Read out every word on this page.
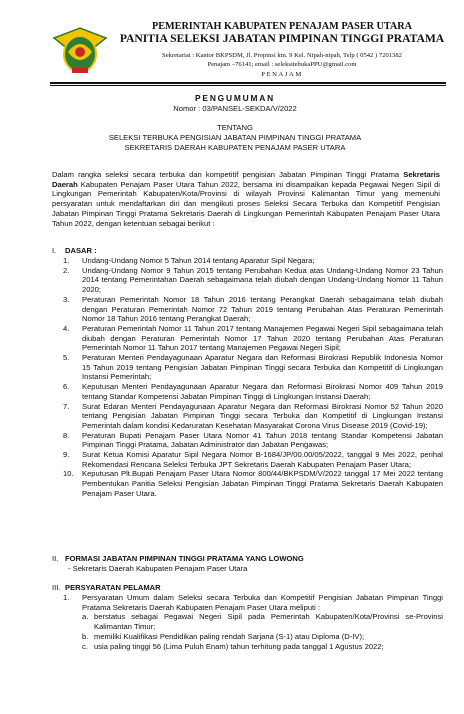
PEMERINTAH KABUPATEN PENAJAM PASER UTARA
PANITIA SELEKSI JABATAN PIMPINAN TINGGI PRATAMA
Sekretariat : Kantor BKPSDM, Jl. Propinsi km. 9 Kel. Nipah-nipah, Telp ( 0542 ) 7201382
Penajam –76141; email : seleksitebukaPPU@gmail.com
PENAJAM
PENGUMUMAN
Nomor : 03/PANSEL-SEKDA/V/2022
TENTANG
SELEKSI TERBUKA PENGISIAN JABATAN PIMPINAN TINGGI PRATAMA
SEKRETARIS DAERAH KABUPATEN PENAJAM PASER UTARA

Dalam rangka seleksi secara terbuka dan kompetitif pengisian Jabatan Pimpinan Tinggi Pratama Sekretaris Daerah Kabupaten Penajam Paser Utara Tahun 2022, bersama ini disampaikan kepada Pegawai Negeri Sipil di Lingkungan Pemerintah Kabupaten/Kota/Provinsi di wilayah Provinsi Kalimantan Timur yang memenuhi persyaratan untuk mendaftarkan diri dan mengikuti proses Seleksi Secara Terbuka dan Kompetitif Pengisian Jabatan Pimpinan Tinggi Pratama Sekretaris Daerah di Lingkungan Pemerintah Kabupaten Penajam Paser Utara Tahun 2022, dengan ketentuan sebagai berikut :

I. DASAR :
1. Undang-Undang Nomor 5 Tahun 2014 tentang Aparatur Sipil Negara;
2. Undang-Undang Nomor 9 Tahun 2015 tentang Perubahan Kedua atas Undang-Undang Nomor 23 Tahun 2014 tentang Pemerintahan Daerah sebagaimana telah diubah dengan Undang-Undang Nomor 11 Tahun 2020;
3. Peraturan Pemerintah Nomor 18 Tahun 2016 tentang Perangkat Daerah sebagaimana telah diubah dengan Peraturan Pemerintah Nomor 72 Tahun 2019 tentang Perubahan Atas Peraturan Pemerintah Nomor 18 Tahun 2016 tentang Perangkat Daerah;
4. Peraturan Pemerintah Nomor 11 Tahun 2017 tentang Manajemen Pegawai Negeri Sipil sebagaimana telah diubah dengan Peraturan Pemerintah Nomor 17 Tahun 2020 tentang Perubahan Atas Peraturan Pemerintah Nomor 11 Tahun 2017 tentang Manajemen Pegawai Negeri Sipil;
5. Peraturan Menteri Pendayagunaan Aparatur Negara dan Reformasi Birokrasi Republik Indonesia Nomor 15 Tahun 2019 tentang Pengisian Jabatan Pimpinan Tinggi secara Terbuka dan Kompetitif di Lingkungan Instansi Pemerintah;
6. Keputusan Menteri Pendayagunaan Aparatur Negara dan Reformasi Birokrasi Nomor 409 Tahun 2019 tentang Standar Kompetensi Jabatan Pimpinan Tinggi di Lingkungan Instansi Daerah;
7. Surat Edaran Menteri Pendayagunaan Aparatur Negara dan Reformasi Birokrasi Nomor 52 Tahun 2020 tentang Pengisian Jabatan Pimpinan Tinggi secara Terbuka dan Kompetitif di Lingkungan Instansi Pemerintah dalam kondisi Kedaruratan Kesehatan Masyarakat Corona Virus Disease 2019 (Covid-19);
8. Peraturan Bupati Penajam Paser Utara Nomor 41 Tahun 2018 tentang Standar Kompetensi Jabatan Pimpinan Tinggi Pratama, Jabatan Administrator dan Jabatan Pengawas;
9. Surat Ketua Komisi Aparatur Sipil Negara Nomor B-1684/JP/00.00/05/2022, tanggal 9 Mei 2022, perihal Rekomendasi Rencana Seleksi Terbuka JPT Sekretaris Daerah Kabupaten Penajam Paser Utara;
10. Keputusan Plt.Bupati Penajam Paser Utara Nomor 800/44/BKPSDM/V/2022 tanggal 17 Mei 2022 tentang Pembentukan Panitia Seleksi Pengisian Jabatan Pimpinan Tinggi Pratama Sekretaris Daerah Kabupaten Penajam Paser Utara.
II. FORMASI JABATAN PIMPINAN TINGGI PRATAMA YANG LOWONG
- Sekretaris Daerah Kabupaten Penajam Paser Utara
III. PERSYARATAN PELAMAR
1. Persyaratan Umum dalam Seleksi secara Terbuka dan Kompetitif Pengisian Jabatan Pimpinan Tinggi Pratama Sekretaris Daerah Kabupaten Penajam Paser Utara meliputi :
a. berstatus sebagai Pegawai Negeri Sipil pada Pemerintah Kabupaten/Kota/Provinsi se-Provinsi Kalimantan Timur;
b. memiliki Kualifikasi Pendidikan paling rendah Sarjana (S-1) atau Diploma (D-IV);
c. usia paling tinggi 56 (Lima Puluh Enam) tahun terhitung pada tanggal 1 Agustus 2022;
